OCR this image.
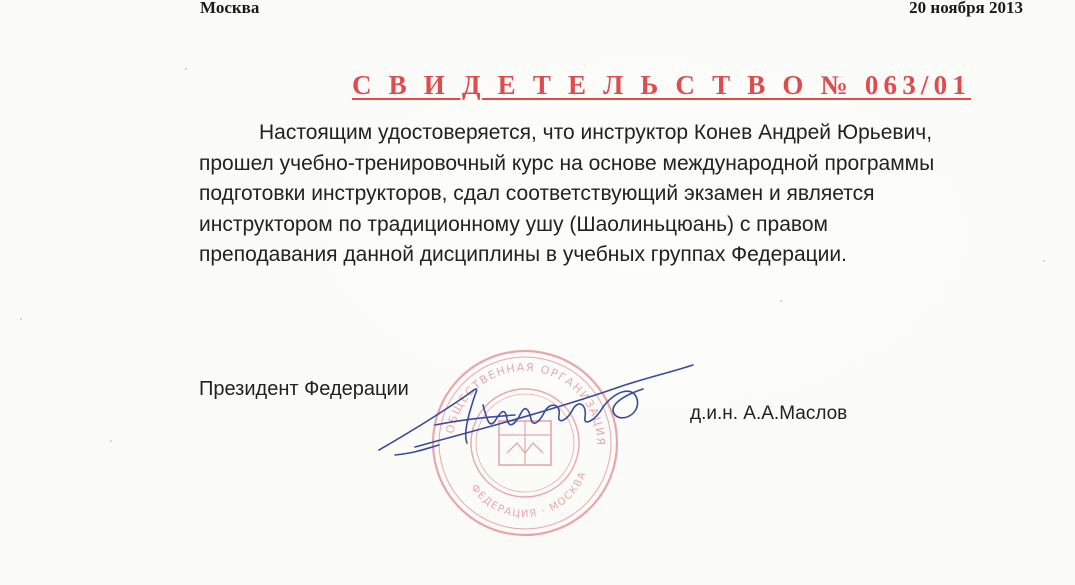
Москва	20 ноября 2013
С В И Д Е Т Е Л Ь С Т В О № 063/01
Настоящим удостоверяется, что инструктор Конев Андрей Юрьевич,
прошел учебно-тренировочный курс на основе международной программы
подготовки инструкторов, сдал соответствующий экзамен и является
инструктором по традиционному ушу (Шаолиньцюань) с правом
преподавания данной дисциплины в учебных группах Федерации.
Президент Федерации
д.и.н. А.А.Маслов
ОБЩЕСТВЕННАЯ ОРГАНИЗАЦИЯ
ФЕДЕРАЦИЯ · МОСКВА
